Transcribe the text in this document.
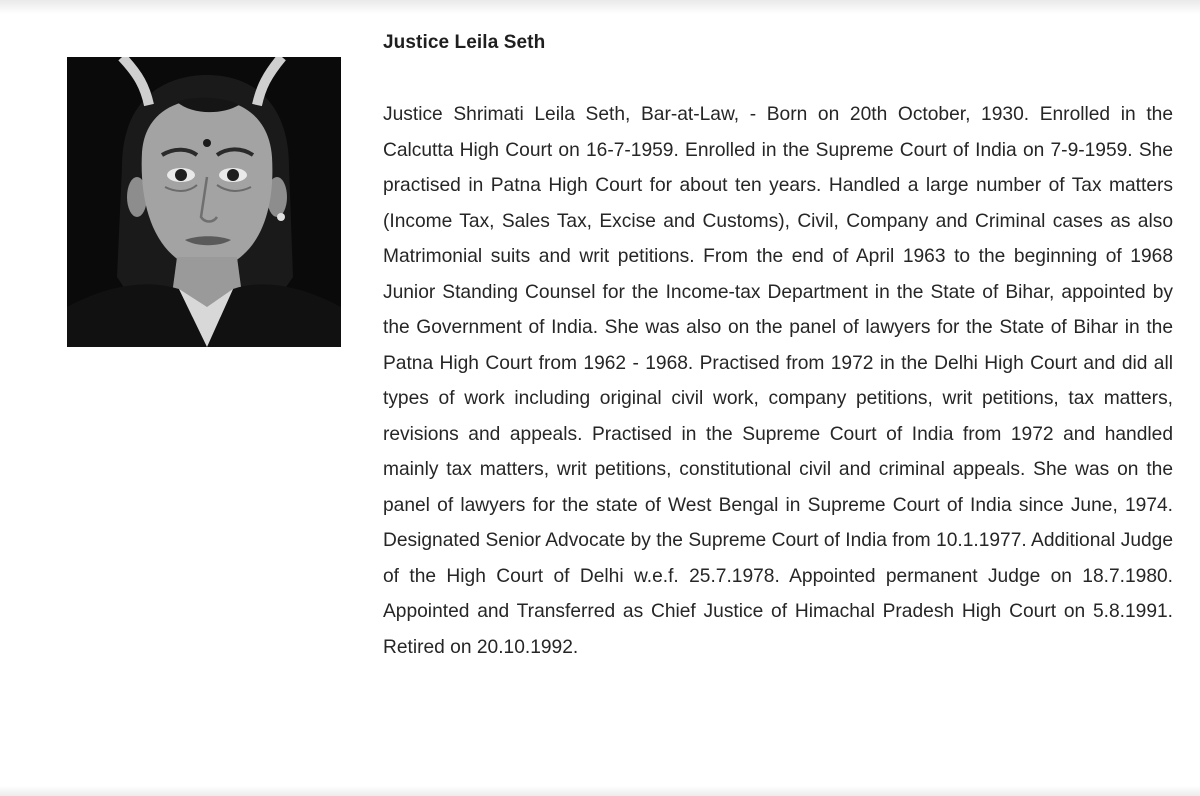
Justice Leila Seth

Justice Shrimati Leila Seth, Bar-at-Law, - Born on 20th October, 1930. Enrolled in the Calcutta High Court on 16-7-1959. Enrolled in the Supreme Court of India on 7-9-1959. She practised in Patna High Court for about ten years. Handled a large number of Tax matters (Income Tax, Sales Tax, Excise and Customs), Civil, Company and Criminal cases as also Matrimonial suits and writ petitions. From the end of April 1963 to the beginning of 1968 Junior Standing Counsel for the Income-tax Department in the State of Bihar, appointed by the Government of India. She was also on the panel of lawyers for the State of Bihar in the Patna High Court from 1962 - 1968. Practised from 1972 in the Delhi High Court and did all types of work including original civil work, company petitions, writ petitions, tax matters, revisions and appeals. Practised in the Supreme Court of India from 1972 and handled mainly tax matters, writ petitions, constitutional civil and criminal appeals. She was on the panel of lawyers for the state of West Bengal in Supreme Court of India since June, 1974. Designated Senior Advocate by the Supreme Court of India from 10.1.1977. Additional Judge of the High Court of Delhi w.e.f. 25.7.1978. Appointed permanent Judge on 18.7.1980. Appointed and Transferred as Chief Justice of Himachal Pradesh High Court on 5.8.1991. Retired on 20.10.1992.
